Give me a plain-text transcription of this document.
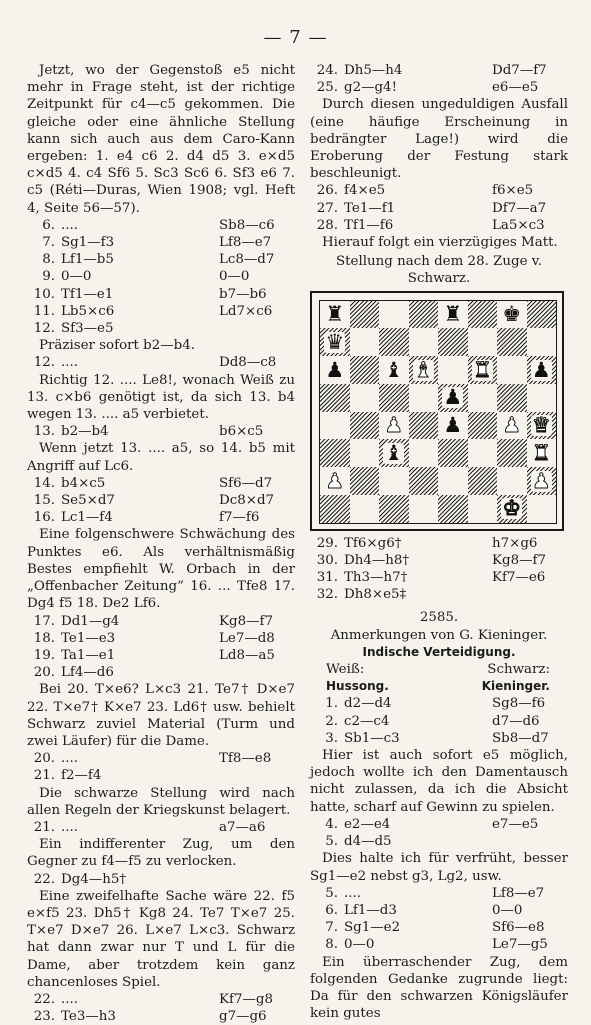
— 7 —

Jetzt, wo der Gegenstoß e5 nicht mehr in Frage steht, ist der richtige Zeitpunkt für c4—c5 gekommen. Die gleiche oder eine ähnliche Stellung kann sich auch aus dem Caro-Kann ergeben: 1. e4 c6 2. d4 d5 3. e×d5 c×d5 4. c4 Sf6 5. Sc3 Sc6 6. Sf3 e6 7. c5 (Réti—Duras, Wien 1908; vgl. Heft 4, Seite 56—57).

6. ....	Sb8—c6
7. Sg1—f3	Lf8—e7
8. Lf1—b5	Lc8—d7
9. 0—0	0—0
10. Tf1—e1	b7—b6
11. Lb5×c6	Ld7×c6
12. Sf3—e5

Präziser sofort b2—b4.

12. ....	Dd8—c8

Richtig 12. .... Le8!, wonach Weiß zu 13. c×b6 genötigt ist, da sich 13. b4 wegen 13. .... a5 verbietet.

13. b2—b4	b6×c5

Wenn jetzt 13. .... a5, so 14. b5 mit Angriff auf Lc6.

14. b4×c5	Sf6—d7
15. Se5×d7	Dc8×d7
16. Lc1—f4	f7—f6

Eine folgenschwere Schwächung des Punktes e6. Als verhältnismäßig Bestes empfiehlt W. Orbach in der „Offenbacher Zeitung“ 16. ... Tfe8 17. Dg4 f5 18. De2 Lf6.

17. Dd1—g4	Kg8—f7
18. Te1—e3	Le7—d8
19. Ta1—e1	Ld8—a5
20. Lf4—d6

Bei 20. T×e6? L×c3 21. Te7† D×e7 22. T×e7† K×e7 23. Ld6† usw. behielt Schwarz zuviel Material (Turm und zwei Läufer) für die Dame.

20. ....	Tf8—e8
21. f2—f4

Die schwarze Stellung wird nach allen Regeln der Kriegskunst belagert.

21. ....	a7—a6

Ein indifferenter Zug, um den Gegner zu f4—f5 zu verlocken.

22. Dg4—h5†

Eine zweifelhafte Sache wäre 22. f5 e×f5 23. Dh5† Kg8 24. Te7 T×e7 25. T×e7 D×e7 26. L×e7 L×c3. Schwarz hat dann zwar nur T und L für die Dame, aber trotzdem kein ganz chancenloses Spiel.

22. ....	Kf7—g8
23. Te3—h3	g7—g6
24. Dh5—h4	Dd7—f7
25. g2—g4!	e6—e5

Durch diesen ungeduldigen Ausfall (eine häufige Erscheinung in bedrängter Lage!) wird die Eroberung der Festung stark beschleunigt.

26. f4×e5	f6×e5
27. Te1—f1	Df7—a7
28. Tf1—f6	La5×c3

Hierauf folgt ein vierzügiges Matt.

Stellung nach dem 28. Zuge v. Schwarz.
♜	♜ ♚
♛
♟ ♝ ♝ ♜ ♟
♟
♟ ♟ ♟ ♛
♝	♜
♟	♟
♚
29. Tf6×g6†	h7×g6
30. Dh4—h8†	Kg8—f7
31. Th3—h7†	Kf7—e6
32. Dh8×e5‡
2585.
Anmerkungen von G. Kieninger.
Indische Verteidigung.
Weiß:	Schwarz:
Hussong.	Kieninger.
1. d2—d4	Sg8—f6
2. c2—c4	d7—d6
3. Sb1—c3	Sb8—d7

Hier ist auch sofort e5 möglich, jedoch wollte ich den Damentausch nicht zulassen, da ich die Absicht hatte, scharf auf Gewinn zu spielen.

4. e2—e4	e7—e5
5. d4—d5

Dies halte ich für verfrüht, besser Sg1—e2 nebst g3, Lg2, usw.

5. ....	Lf8—e7
6. Lf1—d3	0—0
7. Sg1—e2	Sf6—e8
8. 0—0	Le7—g5

Ein überraschender Zug, dem folgenden Gedanke zugrunde liegt: Da für den schwarzen Königsläufer kein gutes
